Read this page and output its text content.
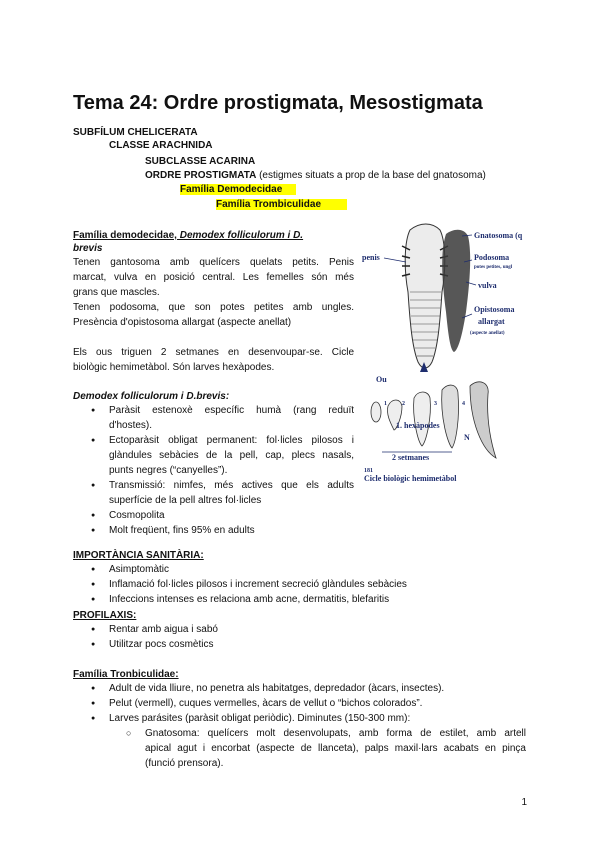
Tema 24: Ordre prostigmata, Mesostigmata
SUBFÍLUM CHELICERATA
CLASSE ARACHNIDA
SUBCLASSE ACARINA
ORDRE PROSTIGMATA (estigmes situats a prop de la base del gnatosoma)
Família Demodecidae
Família Trombiculidae
Família demodecidae, Demodex folliculorum i D.
brevis
Tenen gantosoma amb quelícers quelats petits. Penis
marcat, vulva en posició central. Les femelles són més
grans que mascles.
Tenen podosoma, que son potes petites amb ungles.
Presència d'opistosoma allargat (aspecte anellat)
Els ous triguen 2 setmanes en desenvoupar-se. Cicle
biològic hemimetàbol. Són larves hexàpodes.
Demodex folliculorum i D.brevis:
● Paràsit estenoxè específic humà (rang reduït
d'hostes).
● Ectoparàsit obligat permanent: fol·licles pilosos i
glàndules sebàcies de la pell, cap, plecs nasals,
punts negres (“canyelles”).
● Transmissió: nimfes, més actives que els adults
superfície de la pell altres fol·licles
● Cosmopolita
● Molt freqüent, fins 95% en adults
Gnatosoma (q
Podosoma
potes petites, ungl
penis
vulva
Opistosoma
allargat
(aspecte anellat)
Ou
1	2	3	4
1. hexàpodes
N
2 setmanes
181
Cicle biològic hemimetàbol
IMPORTÀNCIA SANITÀRIA:
● Asimptomàtic
● Inflamació fol·licles pilosos i increment secreció glàndules sebàcies
● Infeccions intenses es relaciona amb acne, dermatitis, blefaritis
PROFILAXIS:
● Rentar amb aigua i sabó
● Utilitzar pocs cosmètics
Família Tronbiculidae:
● Adult de vida lliure, no penetra als habitatges, depredador (àcars, insectes).
● Pelut (vermell), cuques vermelles, àcars de vellut o “bichos colorados”.
● Larves parásites (paràsit obligat periòdic). Diminutes (150-300 mm):
○ Gnatosoma: quelícers molt desenvolupats, amb forma de estilet, amb artell
apical agut i encorbat (aspecte de llanceta), palps maxil·lars acabats en pinça
(funció prensora).
1
